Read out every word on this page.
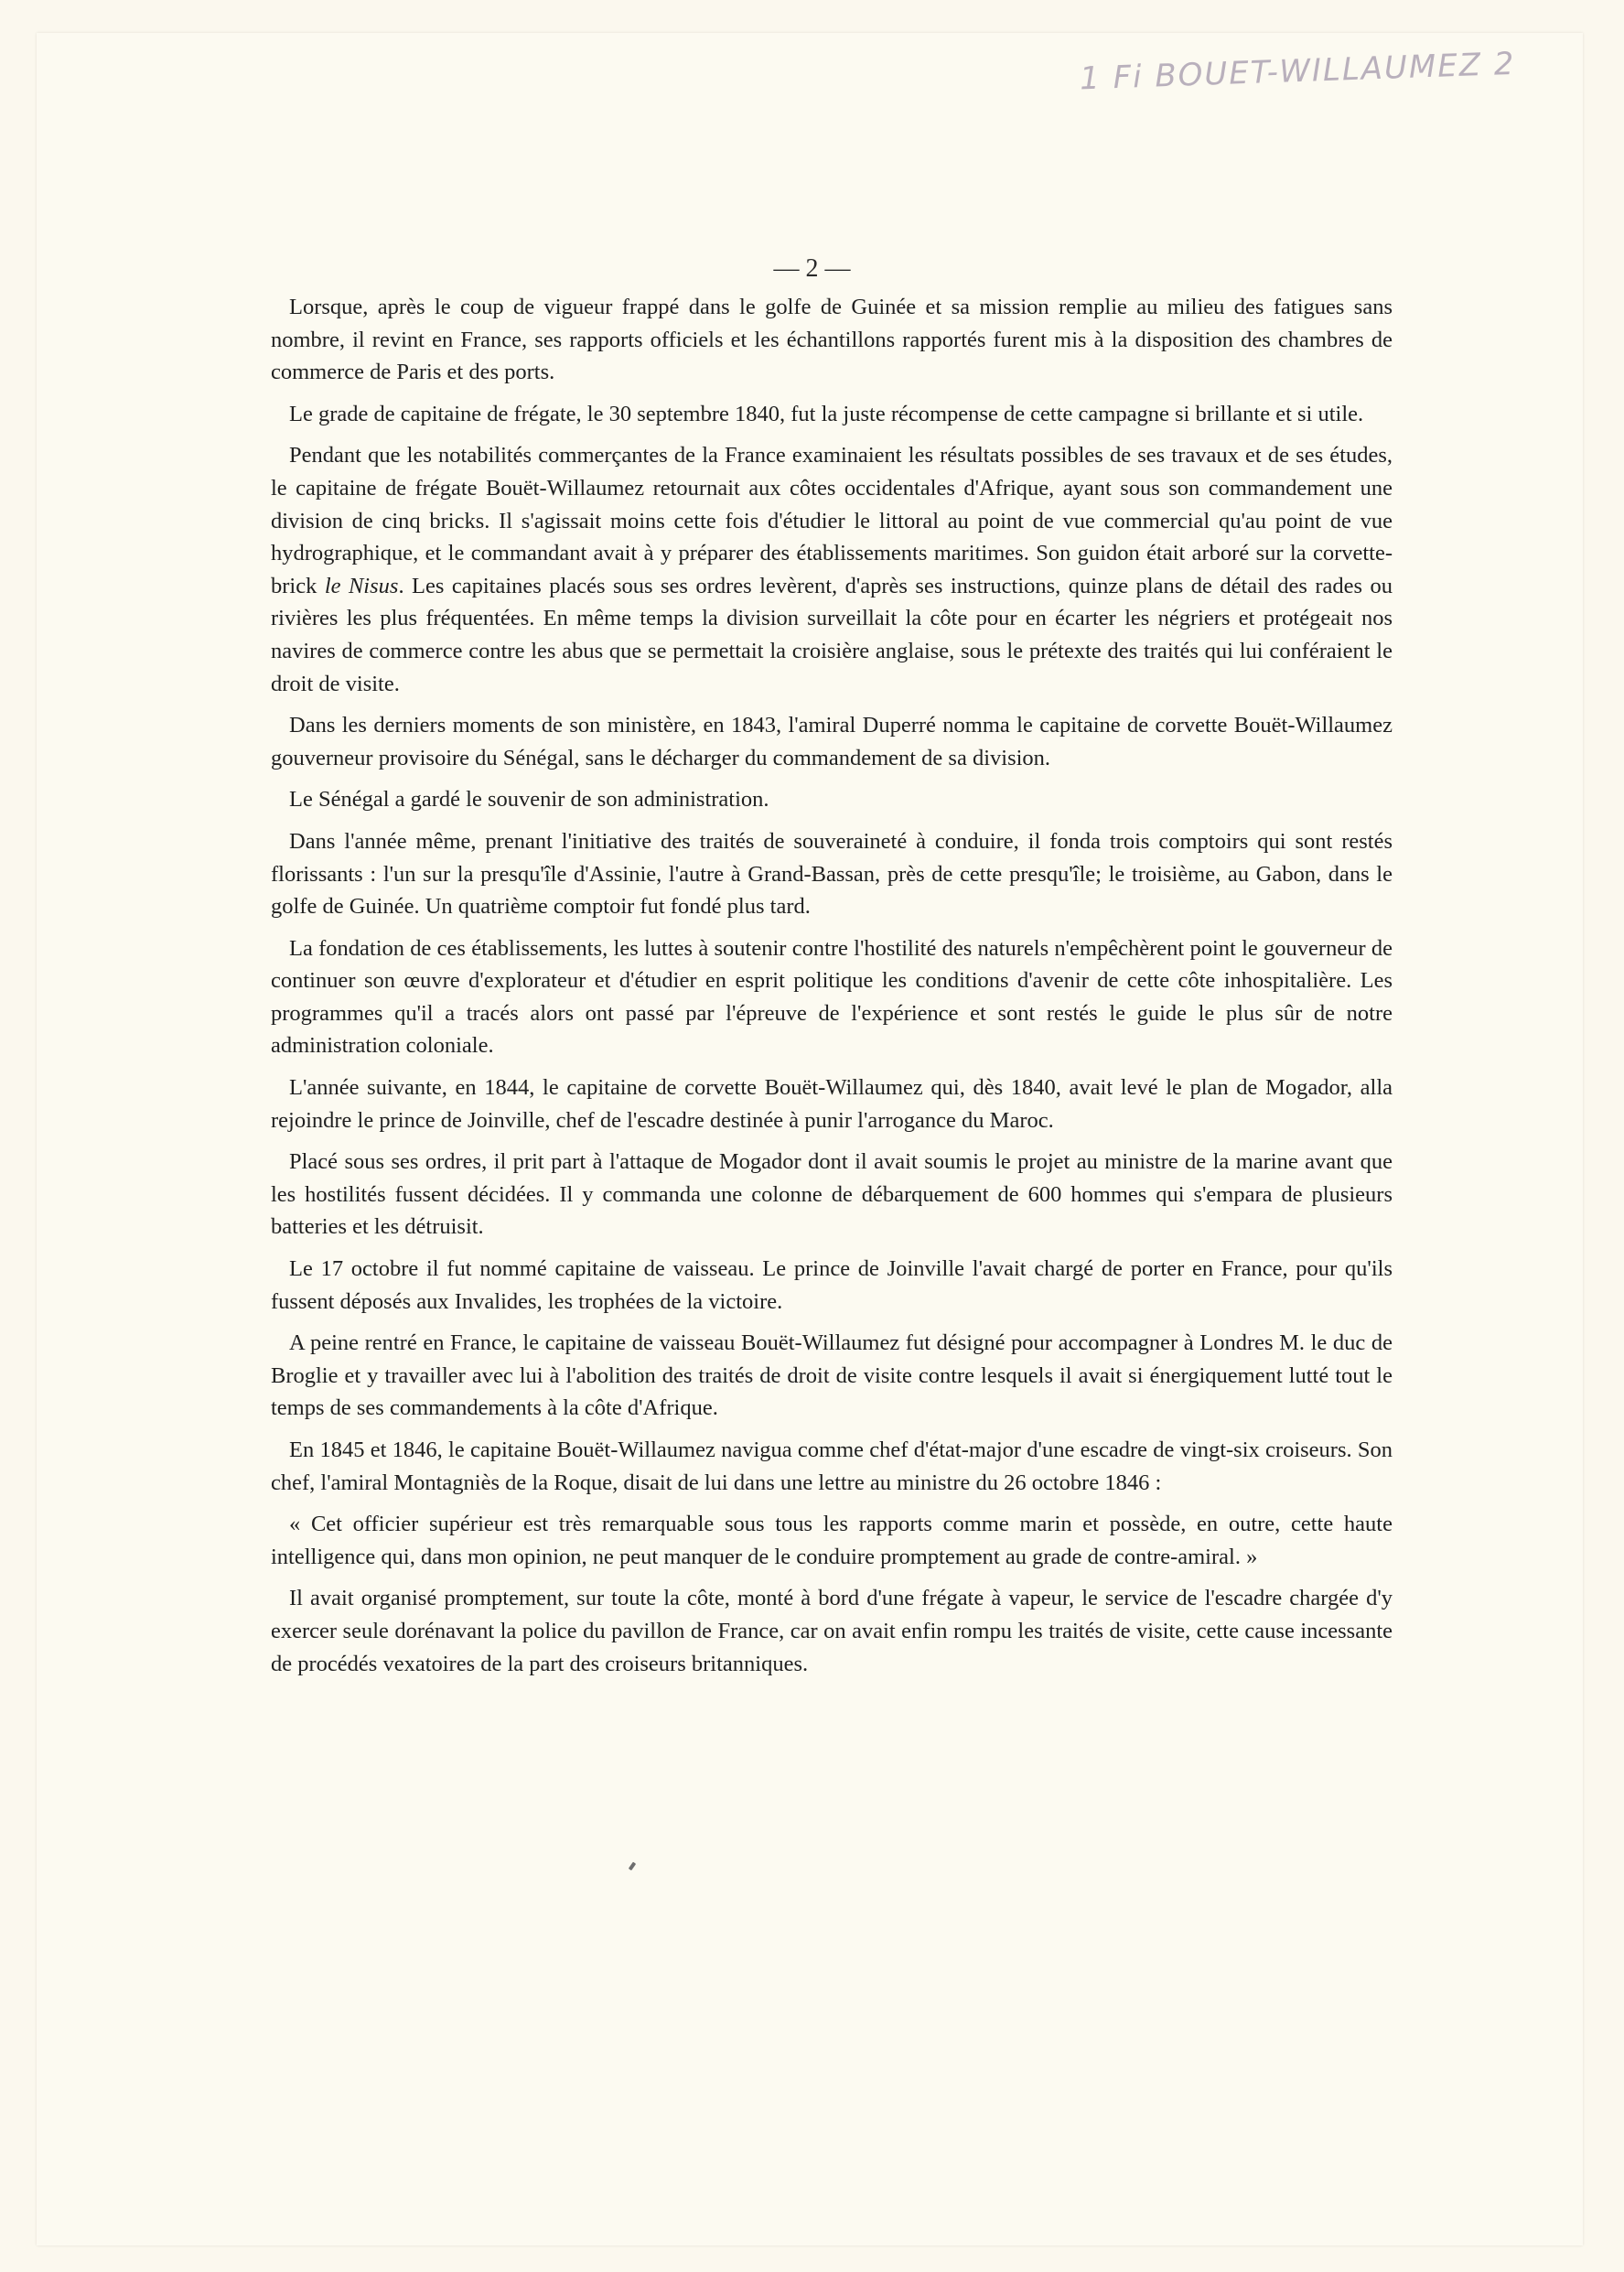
1 Fi BOUET-WILLAUMEZ 2
— 2 —

Lorsque, après le coup de vigueur frappé dans le golfe de Guinée et sa mission remplie au milieu des fatigues sans nombre, il revint en France, ses rapports officiels et les échantillons rapportés furent mis à la disposition des chambres de commerce de Paris et des ports.

Le grade de capitaine de frégate, le 30 septembre 1840, fut la juste récompense de cette campagne si brillante et si utile.

Pendant que les notabilités commerçantes de la France examinaient les résultats possibles de ses travaux et de ses études, le capitaine de frégate Bouët-Willaumez retournait aux côtes occidentales d'Afrique, ayant sous son commandement une division de cinq bricks. Il s'agissait moins cette fois d'étudier le littoral au point de vue commercial qu'au point de vue hydrographique, et le commandant avait à y préparer des établissements maritimes. Son guidon était arboré sur la corvette-brick le Nisus. Les capitaines placés sous ses ordres levèrent, d'après ses instructions, quinze plans de détail des rades ou rivières les plus fréquentées. En même temps la division surveillait la côte pour en écarter les négriers et protégeait nos navires de commerce contre les abus que se permettait la croisière anglaise, sous le prétexte des traités qui lui conféraient le droit de visite.

Dans les derniers moments de son ministère, en 1843, l'amiral Duperré nomma le capitaine de corvette Bouët-Willaumez gouverneur provisoire du Sénégal, sans le décharger du commandement de sa division.

Le Sénégal a gardé le souvenir de son administration.

Dans l'année même, prenant l'initiative des traités de souveraineté à conduire, il fonda trois comptoirs qui sont restés florissants : l'un sur la presqu'île d'Assinie, l'autre à Grand-Bassan, près de cette presqu'île; le troisième, au Gabon, dans le golfe de Guinée. Un quatrième comptoir fut fondé plus tard.

La fondation de ces établissements, les luttes à soutenir contre l'hostilité des naturels n'empêchèrent point le gouverneur de continuer son œuvre d'explorateur et d'étudier en esprit politique les conditions d'avenir de cette côte inhospitalière. Les programmes qu'il a tracés alors ont passé par l'épreuve de l'expérience et sont restés le guide le plus sûr de notre administration coloniale.

L'année suivante, en 1844, le capitaine de corvette Bouët-Willaumez qui, dès 1840, avait levé le plan de Mogador, alla rejoindre le prince de Joinville, chef de l'escadre destinée à punir l'arrogance du Maroc.

Placé sous ses ordres, il prit part à l'attaque de Mogador dont il avait soumis le projet au ministre de la marine avant que les hostilités fussent décidées. Il y commanda une colonne de débarquement de 600 hommes qui s'empara de plusieurs batteries et les détruisit.

Le 17 octobre il fut nommé capitaine de vaisseau. Le prince de Joinville l'avait chargé de porter en France, pour qu'ils fussent déposés aux Invalides, les trophées de la victoire.

A peine rentré en France, le capitaine de vaisseau Bouët-Willaumez fut désigné pour accompagner à Londres M. le duc de Broglie et y travailler avec lui à l'abolition des traités de droit de visite contre lesquels il avait si énergiquement lutté tout le temps de ses commandements à la côte d'Afrique.

En 1845 et 1846, le capitaine Bouët-Willaumez navigua comme chef d'état-major d'une escadre de vingt-six croiseurs. Son chef, l'amiral Montagniès de la Roque, disait de lui dans une lettre au ministre du 26 octobre 1846 :

« Cet officier supérieur est très remarquable sous tous les rapports comme marin et possède, en outre, cette haute intelligence qui, dans mon opinion, ne peut manquer de le conduire promptement au grade de contre-amiral. »

Il avait organisé promptement, sur toute la côte, monté à bord d'une frégate à vapeur, le service de l'escadre chargée d'y exercer seule dorénavant la police du pavillon de France, car on avait enfin rompu les traités de visite, cette cause incessante de procédés vexatoires de la part des croiseurs britanniques.
